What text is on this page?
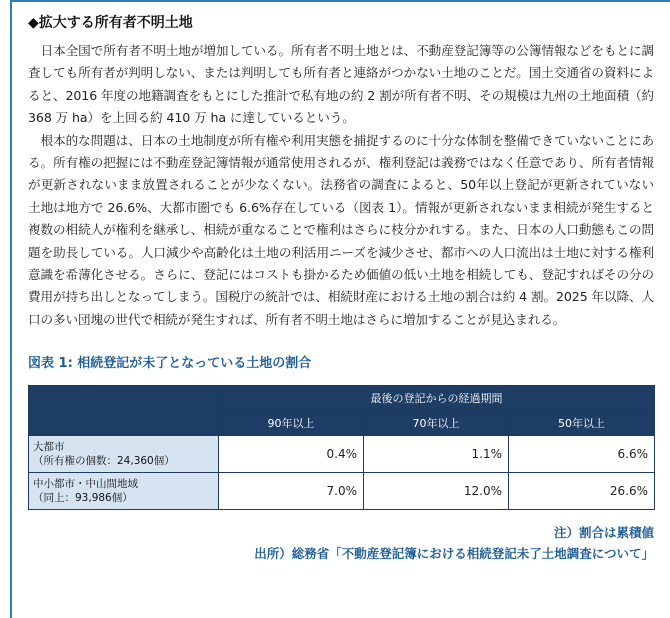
◆拡大する所有者不明土地

日本全国で所有者不明土地が増加している。所有者不明土地とは、不動産登記簿等の公簿情報などをもとに調査しても所有者が判明しない、または判明しても所有者と連絡がつかない土地のことだ。国土交通省の資料によると、2016 年度の地籍調査をもとにした推計で私有地の約 2 割が所有者不明、その規模は九州の土地面積（約 368 万 ha）を上回る約 410 万 ha に達しているという。

根本的な問題は、日本の土地制度が所有権や利用実態を捕捉するのに十分な体制を整備できていないことにある。所有権の把握には不動産登記簿情報が通常使用されるが、権利登記は義務ではなく任意であり、所有者情報が更新されないまま放置されることが少なくない。法務省の調査によると、50年以上登記が更新されていない土地は地方で 26.6%、大都市圏でも 6.6%存在している（図表 1）。情報が更新されないまま相続が発生すると複数の相続人が権利を継承し、相続が重なることで権利はさらに枝分かれする。また、日本の人口動態もこの問題を助長している。人口減少や高齢化は土地の利活用ニーズを減少させ、都市への人口流出は土地に対する権利意識を希薄化させる。さらに、登記にはコストも掛かるため価値の低い土地を相続しても、登記すればその分の費用が持ち出しとなってしまう。国税庁の統計では、相続財産における土地の割合は約 4 割。2025 年以降、人口の多い団塊の世代で相続が発生すれば、所有者不明土地はさらに増加することが見込まれる。

図表 1: 相続登記が未了となっている土地の割合
	最後の登記からの経過期間		
	90年以上	70年以上	50年以上

大都市
（所有権の個数：24,360個）	0.4%	1.1%	6.6%

中小都市・中山間地域
（同上：93,986個）	7.0%	12.0%	26.6%
注）割合は累積値
出所）総務省「不動産登記簿における相続登記未了土地調査について」
